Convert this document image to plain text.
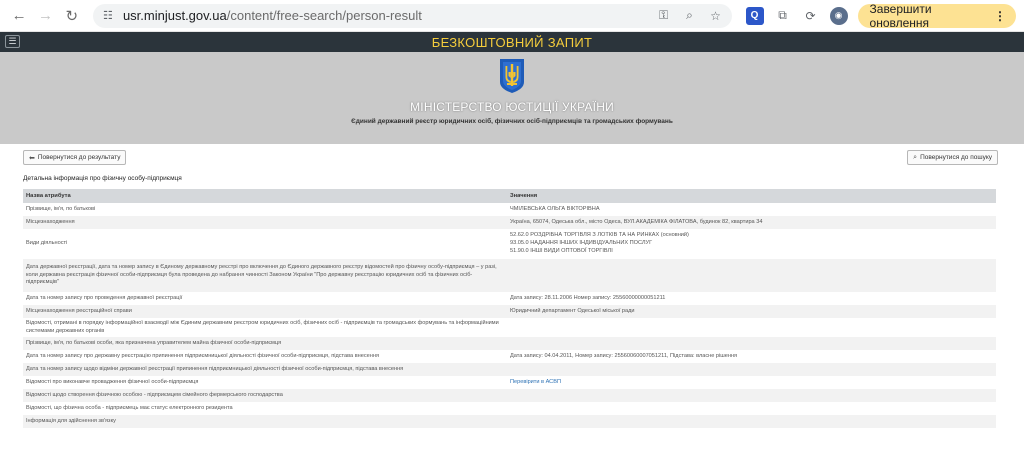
← → ↻	☷ usr.minjust.gov.ua /content/free-search/person-result	⚿	⌕	☆	Q	⧉	⟳	◉	Завершити оновлення	⋮
☰	БЕЗКОШТОВНИЙ ЗАПИТ
МІНІСТЕРСТВО ЮСТИЦІЇ УКРАЇНИ
Єдиний державний реєстр юридичних осіб, фізичних осіб-підприємців та громадських формувань
⬅ Повернутися до результату	⌕ Повернутися до пошуку
Детальна інформація про фізичну особу-підприємця
Назва атрибута	Значення
Прізвище, ім'я, по батькові	ЧМІЛЕВСЬКА ОЛЬГА ВІКТОРІВНА

Місцезнаходження	Україна, 65074, Одеська обл., місто Одеса, ВУЛ.АКАДЕМІКА ФІЛАТОВА, будинок 82, квартира 34

Види діяльності	52.62.0 РОЗДРІБНА ТОРГІВЛЯ З ЛОТКІВ ТА НА РИНКАХ (основний)
93.05.0 НАДАННЯ ІНШИХ ІНДИВІДУАЛЬНИХ ПОСЛУГ
51.90.0 ІНШІ ВИДИ ОПТОВОЇ ТОРГІВЛІ

Дата державної реєстрації, дата та номер запису в Єдиному державному реєстрі про включення до Єдиного державного реєстру відомостей про фізичну особу-підприємця – у разі, коли державна реєстрація фізичної особи-підприємця була проведена до набрання чинності Законом України "Про державну реєстрацію юридичних осіб та фізичних осіб-підприємців"	
Дата та номер запису про проведення державної реєстрації	Дата запису: 28.11.2006 Номер запису: 25560000000051211

Місцезнаходження реєстраційної справи	Юридичний департамент Одеської міської ради

Відомості, отримані в порядку інформаційної взаємодії між Єдиним державним реєстром юридичних осіб, фізичних осіб - підприємців та громадських формувань та інформаційними системами державних органів	
Прізвище, ім'я, по батькові особи, яка призначена управителем майна фізичної особи-підприємця	
Дата та номер запису про державну реєстрацію припинення підприємницької діяльності фізичної особи-підприємця, підстава внесення	Дата запису: 04.04.2011, Номер запису: 25560060007051211, Підстава: власне рішення

Дата та номер запису щодо відміни державної реєстрації припинення підприємницької діяльності фізичної особи-підприємця, підстава внесення	
Відомості про виконавче провадження фізичної особи-підприємця	Перевірити в АСВП
Відомості щодо створення фізичною особою - підприємцем сімейного фермерського господарства	
Відомості, що фізична особа - підприємець має статус електронного резидента	
Інформація для здійснення зв'язку	
